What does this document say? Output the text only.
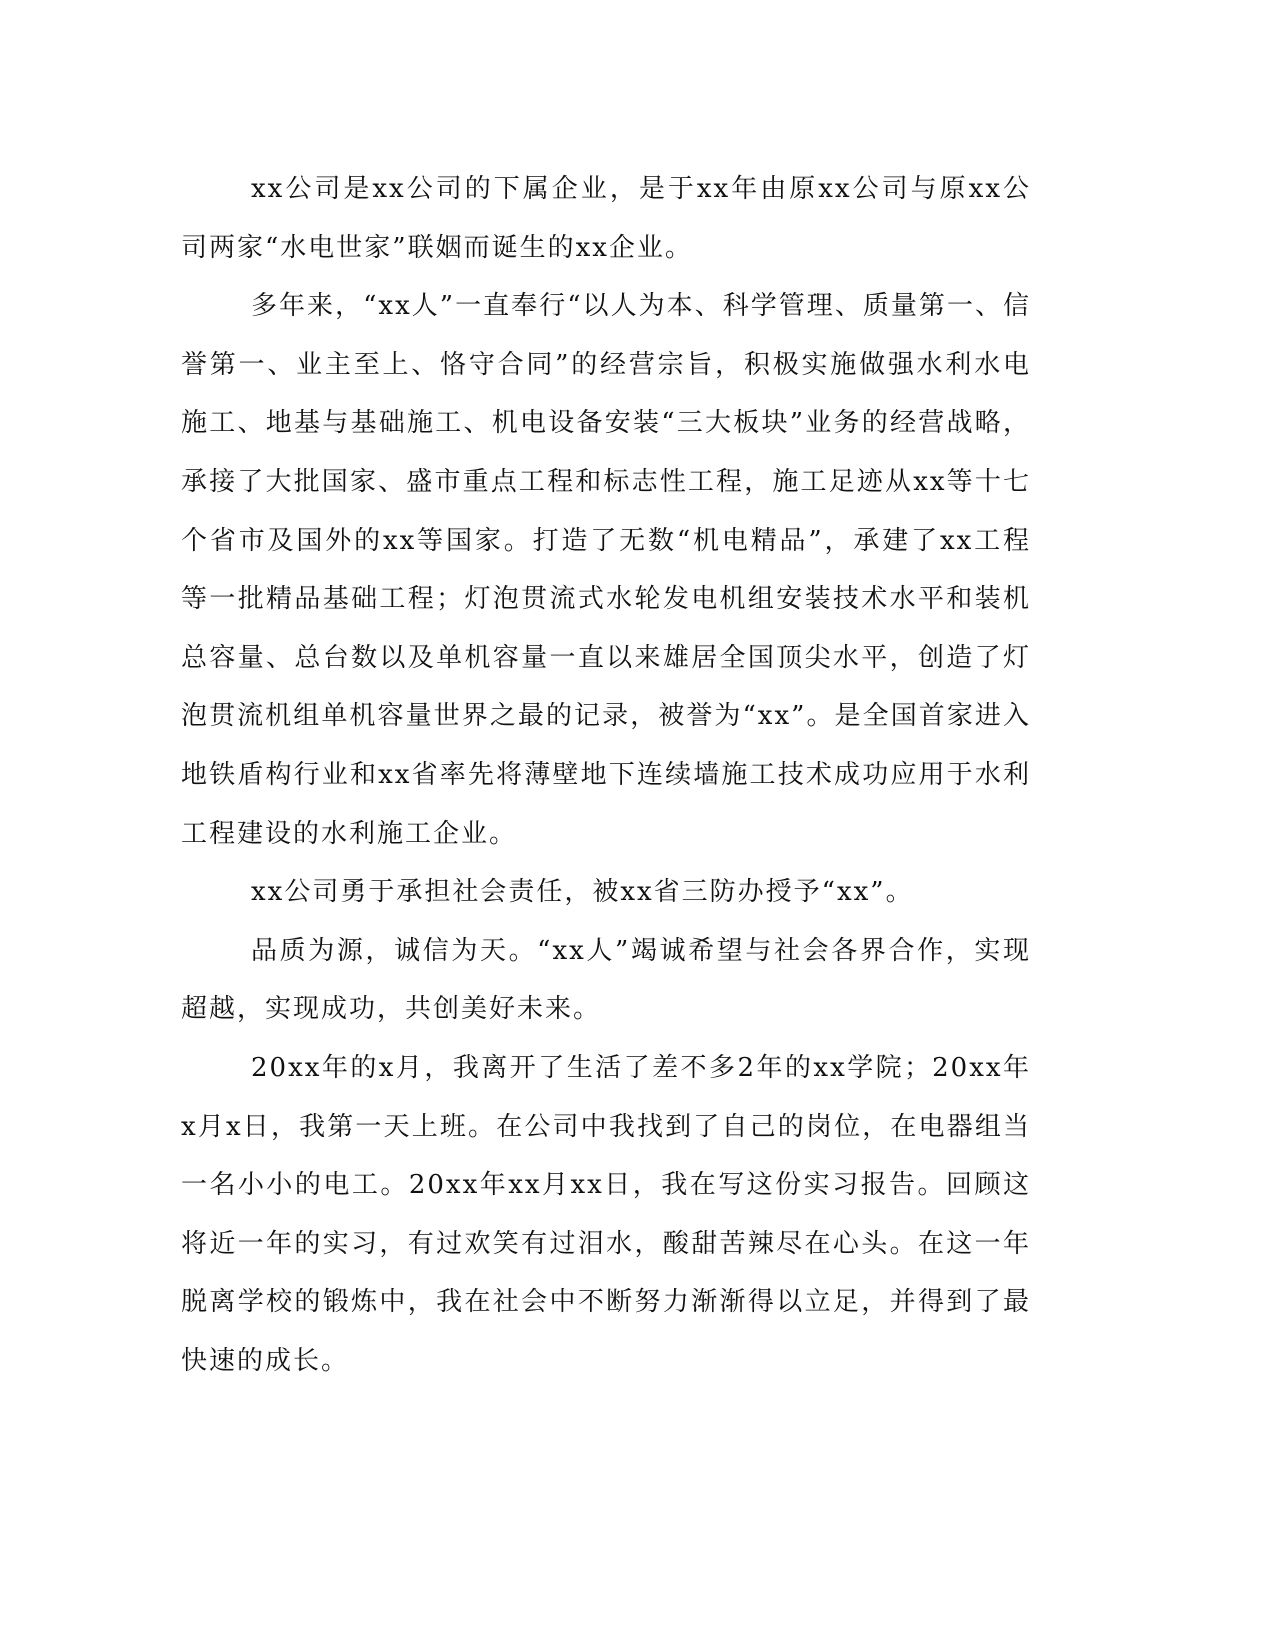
xx公司是xx公司的下属企业，是于xx年由原xx公司与原xx公司两家“水电世家”联姻而诞生的xx企业。

多年来，“xx人”一直奉行“以人为本、科学管理、质量第一、信誉第一、业主至上、恪守合同”的经营宗旨，积极实施做强水利水电施工、地基与基础施工、机电设备安装“三大板块”业务的经营战略，承接了大批国家、盛市重点工程和标志性工程，施工足迹从xx等十七个省市及国外的xx等国家。打造了无数“机电精品”，承建了xx工程等一批精品基础工程；灯泡贯流式水轮发电机组安装技术水平和装机总容量、总台数以及单机容量一直以来雄居全国顶尖水平，创造了灯泡贯流机组单机容量世界之最的记录，被誉为“xx”。是全国首家进入地铁盾构行业和xx省率先将薄壁地下连续墙施工技术成功应用于水利工程建设的水利施工企业。

xx公司勇于承担社会责任，被xx省三防办授予“xx”。

品质为源，诚信为天。“xx人”竭诚希望与社会各界合作，实现超越，实现成功，共创美好未来。

20xx年的x月，我离开了生活了差不多2年的xx学院；20xx年x月x日，我第一天上班。在公司中我找到了自己的岗位，在电器组当一名小小的电工。20xx年xx月xx日，我在写这份实习报告。回顾这将近一年的实习，有过欢笑有过泪水，酸甜苦辣尽在心头。在这一年脱离学校的锻炼中，我在社会中不断努力渐渐得以立足，并得到了最快速的成长。
